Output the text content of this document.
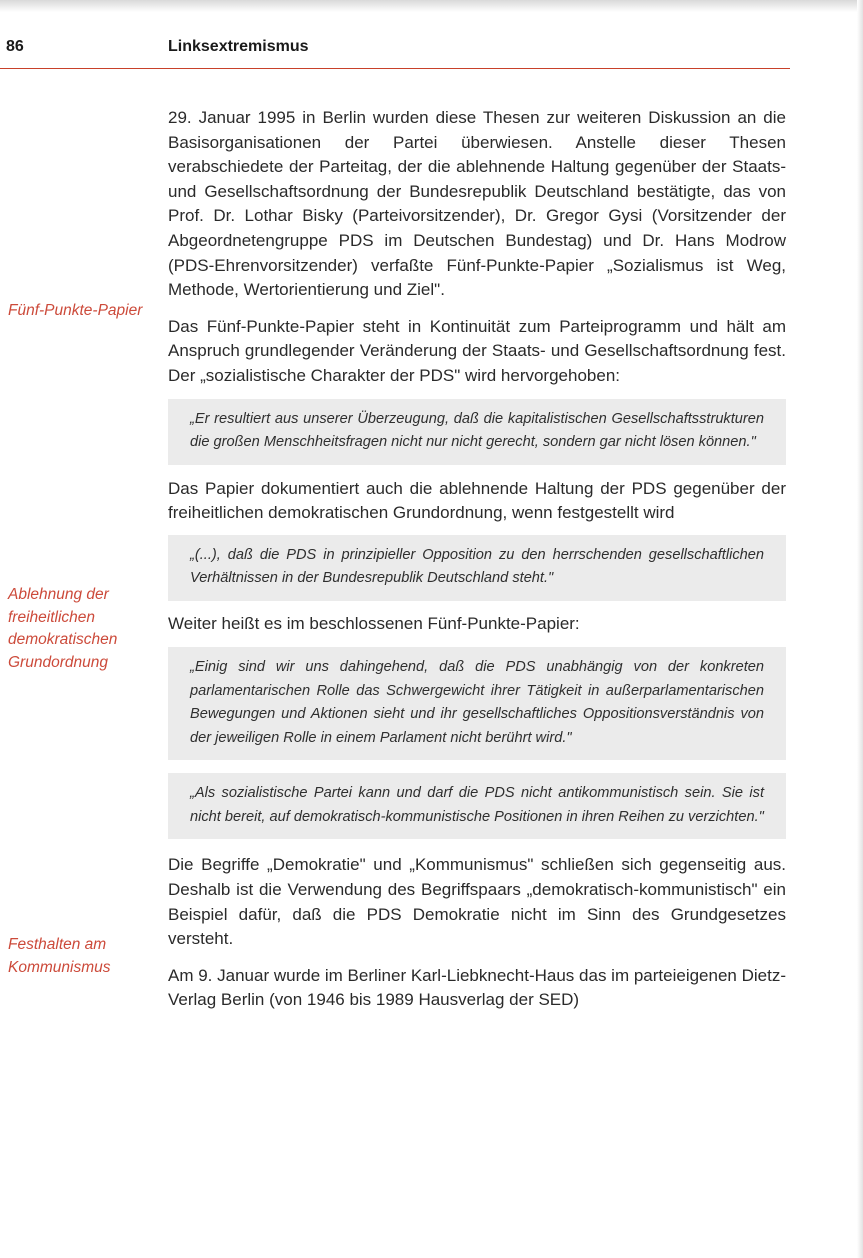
86	Linksextremismus
Fünf-Punkte-Papier
Ablehnung der freiheitlichen demokratischen Grundordnung
Festhalten am Kommunismus

29. Januar 1995 in Berlin wurden diese Thesen zur weiteren Diskussion an die Basisorganisationen der Partei überwiesen. Anstelle dieser Thesen verabschiedete der Parteitag, der die ablehnende Haltung gegenüber der Staats- und Gesellschaftsordnung der Bundesrepublik Deutschland bestätigte, das von Prof. Dr. Lothar Bisky (Parteivorsitzender), Dr. Gregor Gysi (Vorsitzender der Abgeordnetengruppe PDS im Deutschen Bundestag) und Dr. Hans Modrow (PDS-Ehrenvorsitzender) verfaßte Fünf-Punkte-Papier „Sozialismus ist Weg, Methode, Wertorientierung und Ziel".

Das Fünf-Punkte-Papier steht in Kontinuität zum Parteiprogramm und hält am Anspruch grundlegender Veränderung der Staats- und Gesellschaftsordnung fest. Der „sozialistische Charakter der PDS" wird hervorgehoben:

„Er resultiert aus unserer Überzeugung, daß die kapitalistischen Gesellschaftsstrukturen die großen Menschheitsfragen nicht nur nicht gerecht, sondern gar nicht lösen können."

Das Papier dokumentiert auch die ablehnende Haltung der PDS gegenüber der freiheitlichen demokratischen Grundordnung, wenn festgestellt wird

„(...), daß die PDS in prinzipieller Opposition zu den herrschenden gesellschaftlichen Verhältnissen in der Bundesrepublik Deutschland steht."

Weiter heißt es im beschlossenen Fünf-Punkte-Papier:

„Einig sind wir uns dahingehend, daß die PDS unabhängig von der konkreten parlamentarischen Rolle das Schwergewicht ihrer Tätigkeit in außerparlamentarischen Bewegungen und Aktionen sieht und ihr gesellschaftliches Oppositionsverständnis von der jeweiligen Rolle in einem Parlament nicht berührt wird."

„Als sozialistische Partei kann und darf die PDS nicht antikommunistisch sein. Sie ist nicht bereit, auf demokratisch-kommunistische Positionen in ihren Reihen zu verzichten."

Die Begriffe „Demokratie" und „Kommunismus" schließen sich gegenseitig aus. Deshalb ist die Verwendung des Begriffspaars „demokratisch-kommunistisch" ein Beispiel dafür, daß die PDS Demokratie nicht im Sinn des Grundgesetzes versteht.

Am 9. Januar wurde im Berliner Karl-Liebknecht-Haus das im parteieigenen Dietz-Verlag Berlin (von 1946 bis 1989 Hausverlag der SED)
